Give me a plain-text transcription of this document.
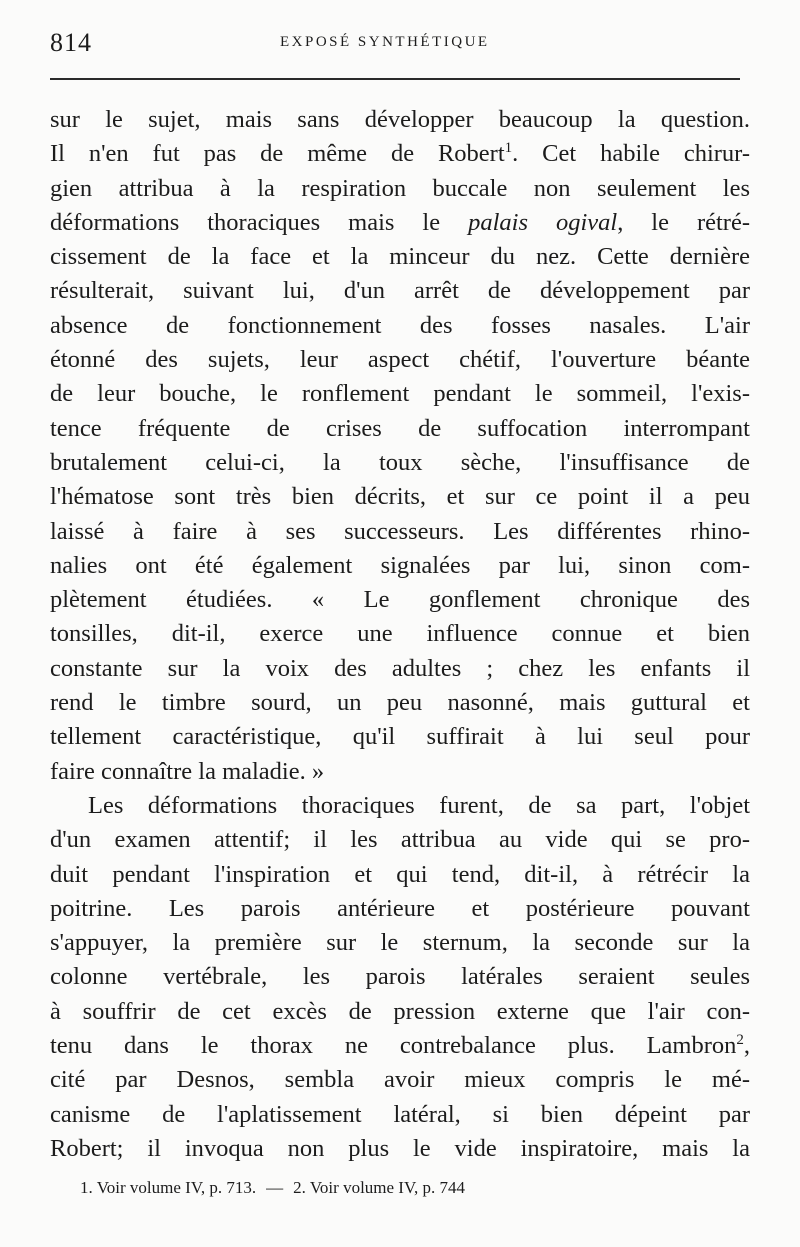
814	EXPOSÉ SYNTHÉTIQUE
sur le sujet, mais sans développer beaucoup la question.
Il n'en fut pas de même de Robert$^1$. Cet habile chirur-
gien attribua à la respiration buccale non seulement les
déformations thoraciques mais le palais ogival, le rétré-
cissement de la face et la minceur du nez. Cette dernière
résulterait, suivant lui, d'un arrêt de développement par
absence de fonctionnement des fosses nasales. L'air
étonné des sujets, leur aspect chétif, l'ouverture béante
de leur bouche, le ronflement pendant le sommeil, l'exis-
tence fréquente de crises de suffocation interrompant
brutalement celui-ci, la toux sèche, l'insuffisance de
l'hématose sont très bien décrits, et sur ce point il a peu
laissé à faire à ses successeurs. Les différentes rhino-
nalies ont été également signalées par lui, sinon com-
plètement étudiées. « Le gonflement chronique des
tonsilles, dit-il, exerce une influence connue et bien
constante sur la voix des adultes ; chez les enfants il
rend le timbre sourd, un peu nasonné, mais guttural et
tellement caractéristique, qu'il suffirait à lui seul pour
faire connaître la maladie. »
Les déformations thoraciques furent, de sa part, l'objet
d'un examen attentif; il les attribua au vide qui se pro-
duit pendant l'inspiration et qui tend, dit-il, à rétrécir la
poitrine. Les parois antérieure et postérieure pouvant
s'appuyer, la première sur le sternum, la seconde sur la
colonne vertébrale, les parois latérales seraient seules
à souffrir de cet excès de pression externe que l'air con-
tenu dans le thorax ne contrebalance plus. Lambron$^2$,
cité par Desnos, sembla avoir mieux compris le mé-
canisme de l'aplatissement latéral, si bien dépeint par
Robert; il invoqua non plus le vide inspiratoire, mais la
1. Voir volume IV, p. 713. — 2. Voir volume IV, p. 744
